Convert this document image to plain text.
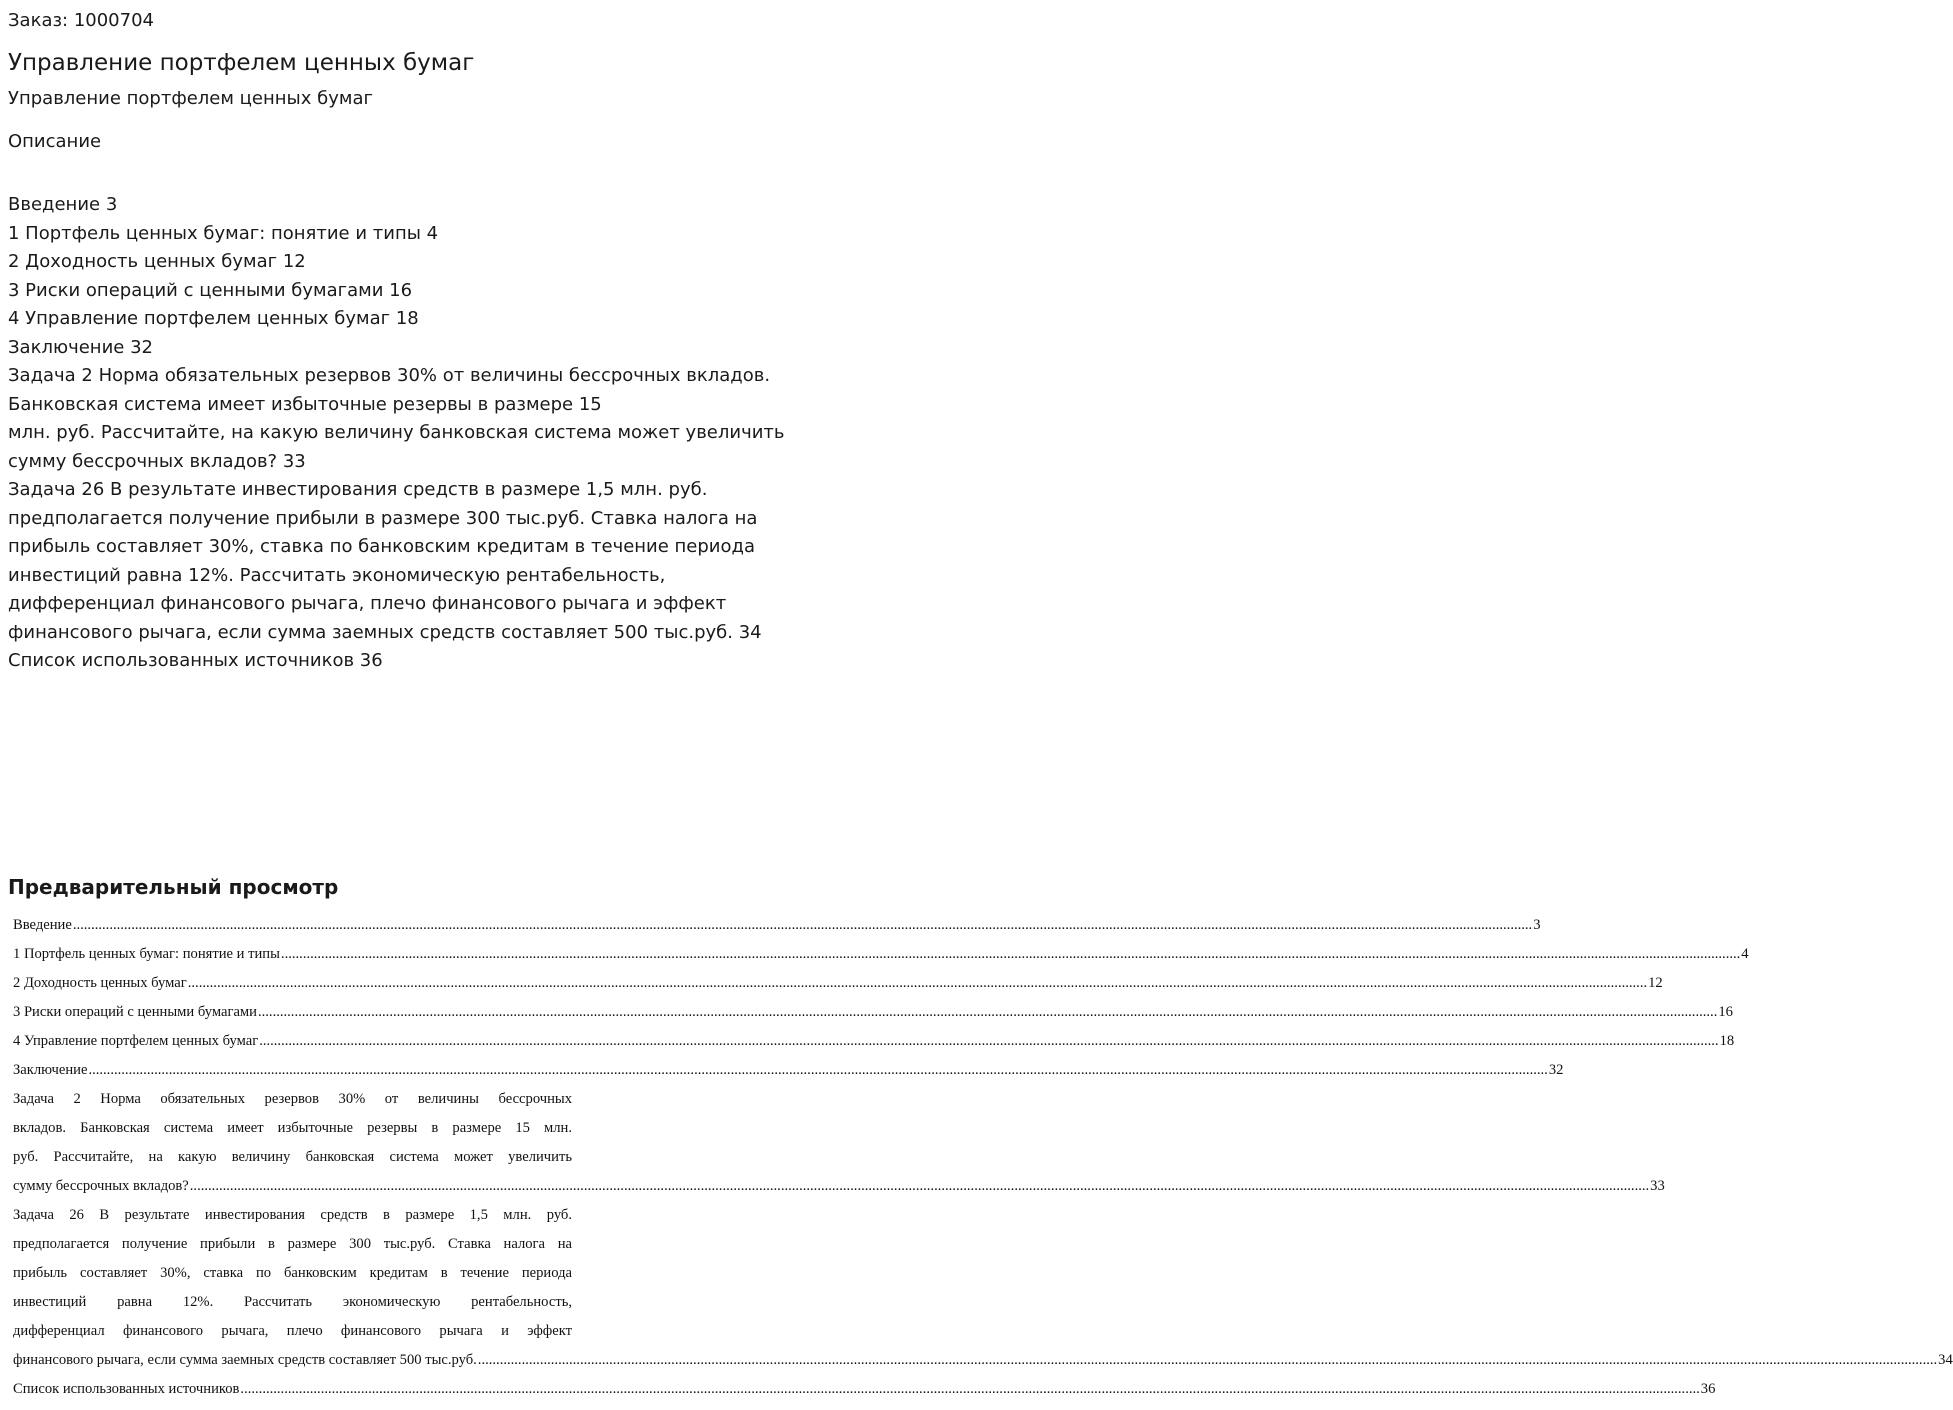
Заказ: 1000704
Управление портфелем ценных бумаг
Управление портфелем ценных бумаг
Описание
Введение 3
1 Портфель ценных бумаг: понятие и типы 4
2 Доходность ценных бумаг 12
3 Риски операций с ценными бумагами 16
4 Управление портфелем ценных бумаг 18
Заключение 32
Задача 2 Норма обязательных резервов 30% от величины бессрочных вкладов.
Банковская система имеет избыточные резервы в размере 15
млн. руб. Рассчитайте, на какую величину банковская система может увеличить
сумму бессрочных вкладов? 33
Задача 26 В результате инвестирования средств в размере 1,5 млн. руб.
предполагается получение прибыли в размере 300 тыс.руб. Ставка налога на
прибыль составляет 30%, ставка по банковским кредитам в течение периода
инвестиций равна 12%. Рассчитать экономическую рентабельность,
дифференциал финансового рычага, плечо финансового рычага и эффект
финансового рычага, если сумма заемных средств составляет 500 тыс.руб. 34
Список использованных источников 36
Предварительный просмотр
Введение ................................................................................................................................................................................................................................................................................................................................................................................................................ 3
1 Портфель ценных бумаг: понятие и типы ................................................................................................................................................................................................................................................................................................................................................................................................................ 4
2 Доходность ценных бумаг ................................................................................................................................................................................................................................................................................................................................................................................................................ 12
3 Риски операций с ценными бумагами ................................................................................................................................................................................................................................................................................................................................................................................................................ 16
4 Управление портфелем ценных бумаг ................................................................................................................................................................................................................................................................................................................................................................................................................ 18
Заключение ................................................................................................................................................................................................................................................................................................................................................................................................................ 32
Задача 2 Норма обязательных резервов 30% от величины бессрочных
вкладов. Банковская система имеет избыточные резервы в размере 15 млн.
руб. Рассчитайте, на какую величину банковская система может увеличить
сумму бессрочных вкладов? ................................................................................................................................................................................................................................................................................................................................................................................................................ 33
Задача 26 В результате инвестирования средств в размере 1,5 млн. руб.
предполагается получение прибыли в размере 300 тыс.руб. Ставка налога на
прибыль составляет 30%, ставка по банковским кредитам в течение периода
инвестиций равна 12%. Рассчитать экономическую рентабельность,
дифференциал финансового рычага, плечо финансового рычага и эффект
финансового рычага, если сумма заемных средств составляет 500 тыс.руб. ................................................................................................................................................................................................................................................................................................................................................................................................................ 34
Список использованных источников ................................................................................................................................................................................................................................................................................................................................................................................................................ 36
